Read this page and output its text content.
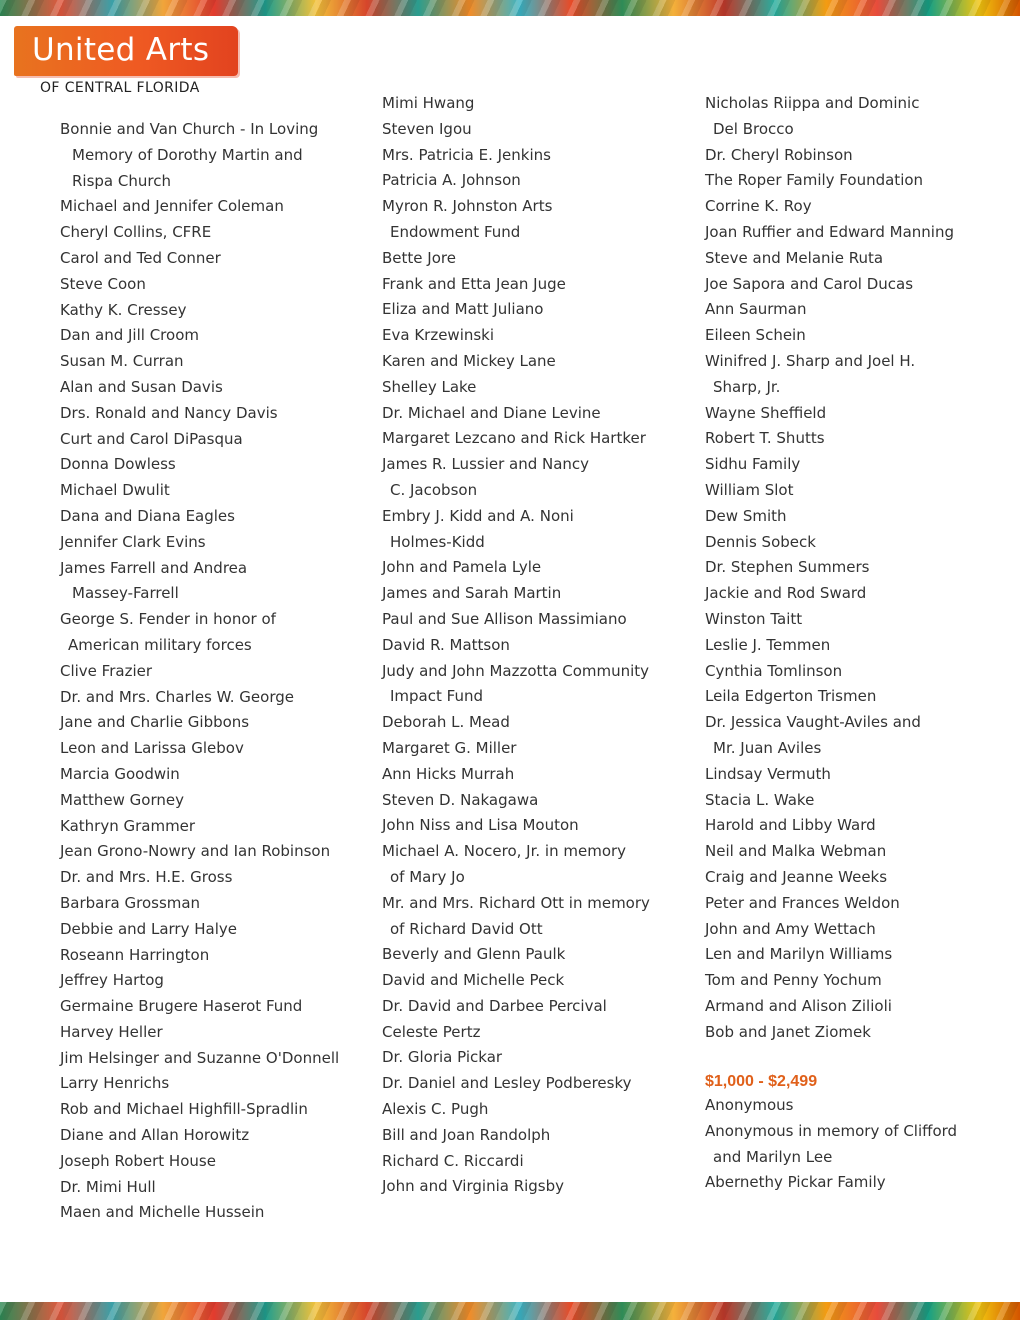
United Arts
OF CENTRAL FLORIDA
Bonnie and Van Church - In Loving
Memory of Dorothy Martin and
Rispa Church
Michael and Jennifer Coleman
Cheryl Collins, CFRE
Carol and Ted Conner
Steve Coon
Kathy K. Cressey
Dan and Jill Croom
Susan M. Curran
Alan and Susan Davis
Drs. Ronald and Nancy Davis
Curt and Carol DiPasqua
Donna Dowless
Michael Dwulit
Dana and Diana Eagles
Jennifer Clark Evins
James Farrell and Andrea
Massey-Farrell
George S. Fender in honor of
American military forces
Clive Frazier
Dr. and Mrs. Charles W. George
Jane and Charlie Gibbons
Leon and Larissa Glebov
Marcia Goodwin
Matthew Gorney
Kathryn Grammer
Jean Grono-Nowry and Ian Robinson
Dr. and Mrs. H.E. Gross
Barbara Grossman
Debbie and Larry Halye
Roseann Harrington
Jeffrey Hartog
Germaine Brugere Haserot Fund
Harvey Heller
Jim Helsinger and Suzanne O'Donnell
Larry Henrichs
Rob and Michael Highfill-Spradlin
Diane and Allan Horowitz
Joseph Robert House
Dr. Mimi Hull
Maen and Michelle Hussein
Mimi Hwang
Steven Igou
Mrs. Patricia E. Jenkins
Patricia A. Johnson
Myron R. Johnston Arts
Endowment Fund
Bette Jore
Frank and Etta Jean Juge
Eliza and Matt Juliano
Eva Krzewinski
Karen and Mickey Lane
Shelley Lake
Dr. Michael and Diane Levine
Margaret Lezcano and Rick Hartker
James R. Lussier and Nancy
C. Jacobson
Embry J. Kidd and A. Noni
Holmes-Kidd
John and Pamela Lyle
James and Sarah Martin
Paul and Sue Allison Massimiano
David R. Mattson
Judy and John Mazzotta Community
Impact Fund
Deborah L. Mead
Margaret G. Miller
Ann Hicks Murrah
Steven D. Nakagawa
John Niss and Lisa Mouton
Michael A. Nocero, Jr. in memory
of Mary Jo
Mr. and Mrs. Richard Ott in memory
of Richard David Ott
Beverly and Glenn Paulk
David and Michelle Peck
Dr. David and Darbee Percival
Celeste Pertz
Dr. Gloria Pickar
Dr. Daniel and Lesley Podberesky
Alexis C. Pugh
Bill and Joan Randolph
Richard C. Riccardi
John and Virginia Rigsby
Nicholas Riippa and Dominic
Del Brocco
Dr. Cheryl Robinson
The Roper Family Foundation
Corrine K. Roy
Joan Ruffier and Edward Manning
Steve and Melanie Ruta
Joe Sapora and Carol Ducas
Ann Saurman
Eileen Schein
Winifred J. Sharp and Joel H.
Sharp, Jr.
Wayne Sheffield
Robert T. Shutts
Sidhu Family
William Slot
Dew Smith
Dennis Sobeck
Dr. Stephen Summers
Jackie and Rod Sward
Winston Taitt
Leslie J. Temmen
Cynthia Tomlinson
Leila Edgerton Trismen
Dr. Jessica Vaught-Aviles and
Mr. Juan Aviles
Lindsay Vermuth
Stacia L. Wake
Harold and Libby Ward
Neil and Malka Webman
Craig and Jeanne Weeks
Peter and Frances Weldon
John and Amy Wettach
Len and Marilyn Williams
Tom and Penny Yochum
Armand and Alison Zilioli
Bob and Janet Ziomek
$1,000 - $2,499
Anonymous
Anonymous in memory of Clifford
and Marilyn Lee
Abernethy Pickar Family
